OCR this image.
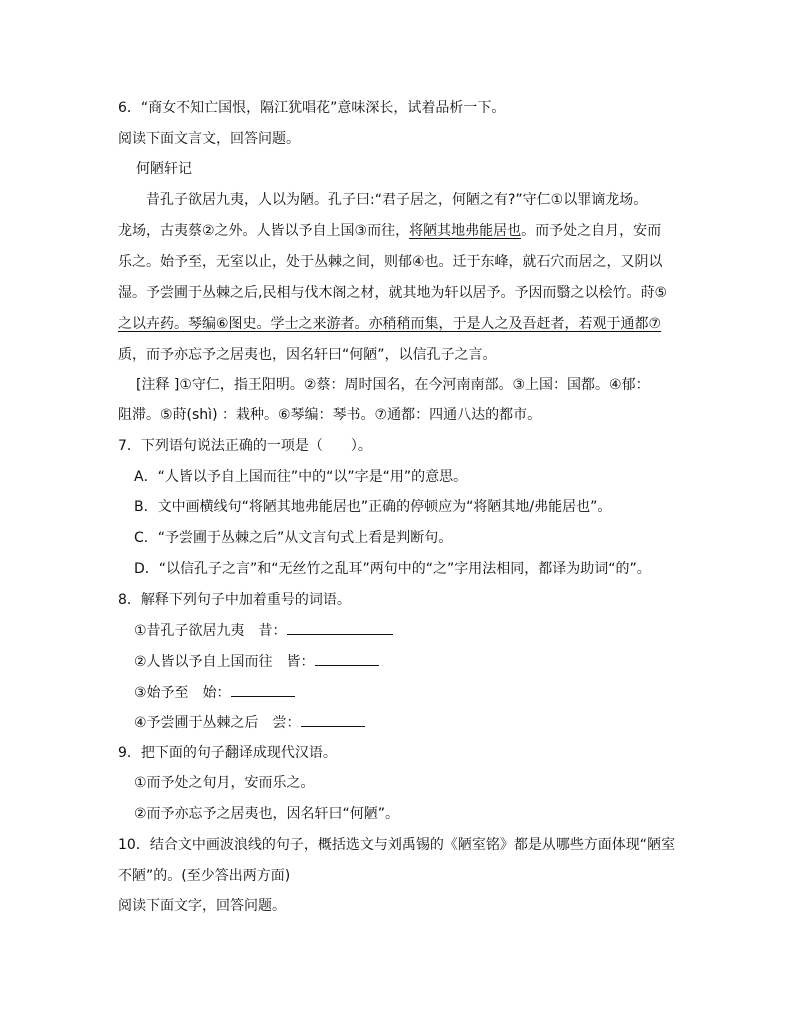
6．“商女不知亡国恨，隔江犹唱花”意味深长，试着品析一下。
阅读下面文言文，回答问题。
何陋轩记
昔孔子欲居九夷，人以为陋。孔子曰:“君子居之，何陋之有?”守仁①以罪谪龙场。
龙场，古夷蔡②之外。人皆以予自上国③而往，将陋其地弗能居也。而予处之自月，安而
乐之。始予至，无室以止，处于丛棘之间，则郁④也。迁于东峰，就石穴而居之，又阴以
湿。予尝圃于丛棘之后,民相与伐木阁之材，就其地为轩以居予。予因而翳之以桧竹。莳⑤
之以卉药。琴编⑥图史。学士之来游者。亦稍稍而集，于是人之及吾赶者，若观于通都⑦
质，而予亦忘予之居夷也，因名轩曰“何陋”，以信孔子之言。
[注释 ]①守仁，指王阳明。②蔡：周时国名，在今河南南部。③上国：国都。④郁：
阻滞。⑤莳(shì) ：栽种。⑥琴编：琴书。⑦通都：四通八达的都市。
7．下列语句说法正确的一项是（　　）。
A．“人皆以予自上国而往”中的“以”字是“用”的意思。
B．文中画横线句“将陋其地弗能居也”正确的停顿应为“将陋其地/弗能居也”。
C．“予尝圃于丛棘之后”从文言句式上看是判断句。
D．“以信孔子之言”和“无丝竹之乱耳”两句中的“之”字用法相同，都译为助词“的”。
8．解释下列句子中加着重号的词语。
①昔孔子欲居九夷　昔：
②人皆以予自上国而往　皆：
③始予至　始：
④予尝圃于丛棘之后　尝：
9．把下面的句子翻译成现代汉语。
①而予处之旬月，安而乐之。
②而予亦忘予之居夷也，因名轩曰“何陋”。
10．结合文中画波浪线的句子，概括选文与刘禹锡的《陋室铭》都是从哪些方面体现“陋室
不陋”的。(至少答出两方面)
阅读下面文字，回答问题。
